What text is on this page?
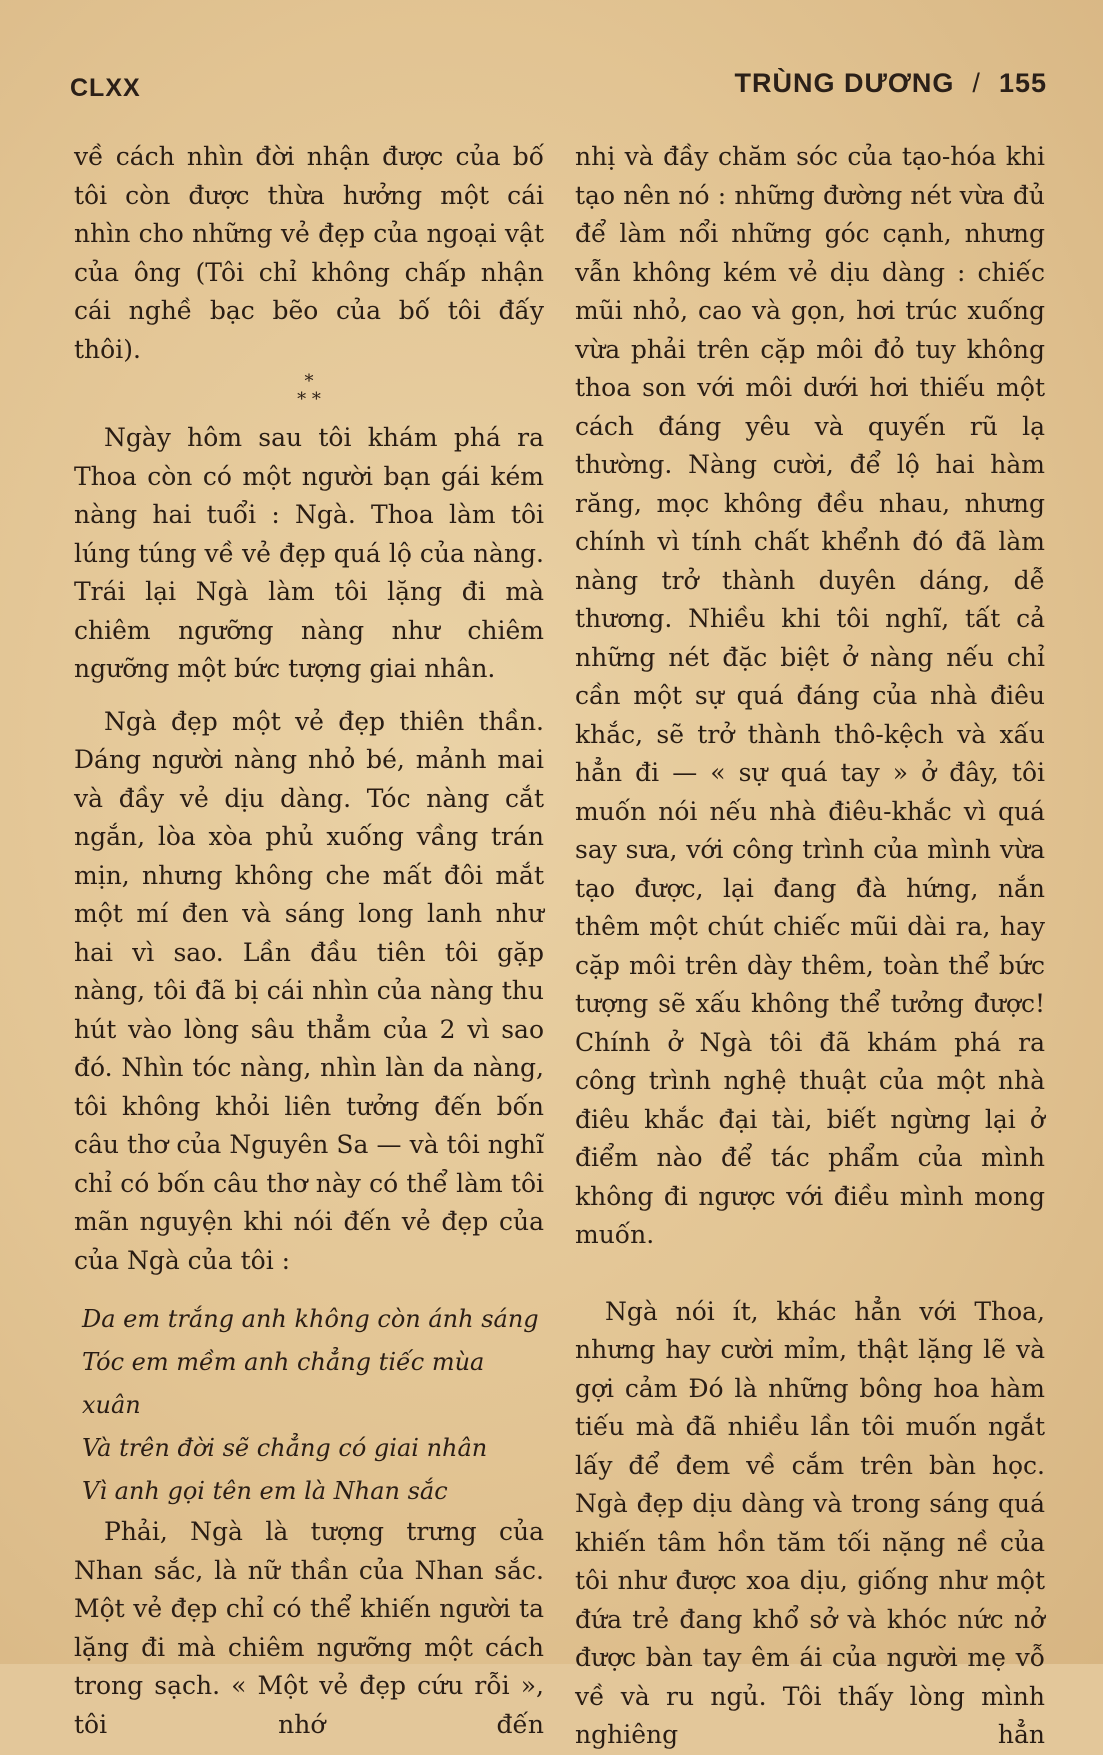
CLXX	TRÙNG DƯƠNG / 155

về cách nhìn đời nhận được của bố tôi còn được thừa hưởng một cái nhìn cho những vẻ đẹp của ngoại vật của ông (Tôi chỉ không chấp nhận cái nghề bạc bẽo của bố tôi đấy thôi).

*
* *

Ngày hôm sau tôi khám phá ra Thoa còn có một người bạn gái kém nàng hai tuổi : Ngà. Thoa làm tôi lúng túng về vẻ đẹp quá lộ của nàng. Trái lại Ngà làm tôi lặng đi mà chiêm ngưỡng nàng như chiêm ngưỡng một bức tượng giai nhân.

Ngà đẹp một vẻ đẹp thiên thần. Dáng người nàng nhỏ bé, mảnh mai và đầy vẻ dịu dàng. Tóc nàng cắt ngắn, lòa xòa phủ xuống vầng trán mịn, nhưng không che mất đôi mắt một mí đen và sáng long lanh như hai vì sao. Lần đầu tiên tôi gặp nàng, tôi đã bị cái nhìn của nàng thu hút vào lòng sâu thẳm của 2 vì sao đó. Nhìn tóc nàng, nhìn làn da nàng, tôi không khỏi liên tưởng đến bốn câu thơ của Nguyên Sa — và tôi nghĩ chỉ có bốn câu thơ này có thể làm tôi mãn nguyện khi nói đến vẻ đẹp của của Ngà của tôi :

Da em trắng anh không còn ánh sáng
Tóc em mềm anh chẳng tiếc mùa xuân
Và trên đời sẽ chẳng có giai nhân
Vì anh gọi tên em là Nhan sắc

Phải, Ngà là tượng trưng của Nhan sắc, là nữ thần của Nhan sắc. Một vẻ đẹp chỉ có thể khiến người ta lặng đi mà chiêm ngưỡng một cách trong sạch. « Một vẻ đẹp cứu rỗi », tôi nhớ đến

nhị và đầy chăm sóc của tạo-hóa khi tạo nên nó : những đường nét vừa đủ để làm nổi những góc cạnh, nhưng vẫn không kém vẻ dịu dàng : chiếc mũi nhỏ, cao và gọn, hơi trúc xuống vừa phải trên cặp môi đỏ tuy không thoa son với môi dưới hơi thiếu một cách đáng yêu và quyến rũ lạ thường. Nàng cười, để lộ hai hàm răng, mọc không đều nhau, nhưng chính vì tính chất khểnh đó đã làm nàng trở thành duyên dáng, dễ thương. Nhiều khi tôi nghĩ, tất cả những nét đặc biệt ở nàng nếu chỉ cần một sự quá đáng của nhà điêu khắc, sẽ trở thành thô-kệch và xấu hẳn đi — « sự quá tay » ở đây, tôi muốn nói nếu nhà điêu-khắc vì quá say sưa, với công trình của mình vừa tạo được, lại đang đà hứng, nắn thêm một chút chiếc mũi dài ra, hay cặp môi trên dày thêm, toàn thể bức tượng sẽ xấu không thể tưởng được! Chính ở Ngà tôi đã khám phá ra công trình nghệ thuật của một nhà điêu khắc đại tài, biết ngừng lại ở điểm nào để tác phẩm của mình không đi ngược với điều mình mong muốn.

Ngà nói ít, khác hẳn với Thoa, nhưng hay cười mỉm, thật lặng lẽ và gợi cảm Đó là những bông hoa hàm tiếu mà đã nhiều lần tôi muốn ngắt lấy để đem về cắm trên bàn học. Ngà đẹp dịu dàng và trong sáng quá khiến tâm hồn tăm tối nặng nề của tôi như được xoa dịu, giống như một đứa trẻ đang khổ sở và khóc nức nở được bàn tay êm ái của người mẹ vỗ về và ru ngủ. Tôi thấy lòng mình nghiêng hẳn
